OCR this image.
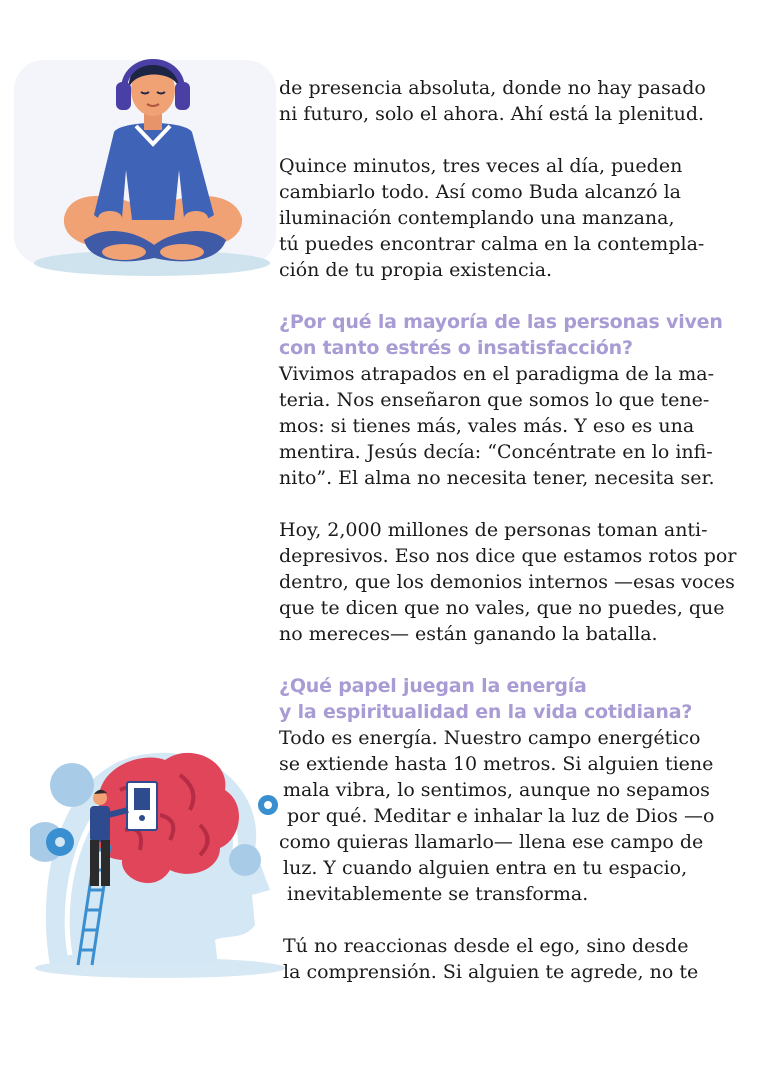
de presencia absoluta, donde no hay pasado

ni futuro, solo el ahora. Ahí está la plenitud.

Quince minutos, tres veces al día, pueden

cambiarlo todo. Así como Buda alcanzó la

iluminación contemplando una manzana,

tú puedes encontrar calma en la contempla-

ción de tu propia existencia.

¿Por qué la mayoría de las personas viven

con tanto estrés o insatisfacción?

Vivimos atrapados en el paradigma de la ma-

teria. Nos enseñaron que somos lo que tene-

mos: si tienes más, vales más. Y eso es una

mentira. Jesús decía: “Concéntrate en lo infi-

nito”. El alma no necesita tener, necesita ser.

Hoy, 2,000 millones de personas toman anti-

depresivos. Eso nos dice que estamos rotos por

dentro, que los demonios internos —esas voces

que te dicen que no vales, que no puedes, que

no mereces— están ganando la batalla.

¿Qué papel juegan la energía

y la espiritualidad en la vida cotidiana?

Todo es energía. Nuestro campo energético

se extiende hasta 10 metros. Si alguien tiene

mala vibra, lo sentimos, aunque no sepamos

por qué. Meditar e inhalar la luz de Dios —o

como quieras llamarlo— llena ese campo de

luz. Y cuando alguien entra en tu espacio,

inevitablemente se transforma.

Tú no reaccionas desde el ego, sino desde

la comprensión. Si alguien te agrede, no te
